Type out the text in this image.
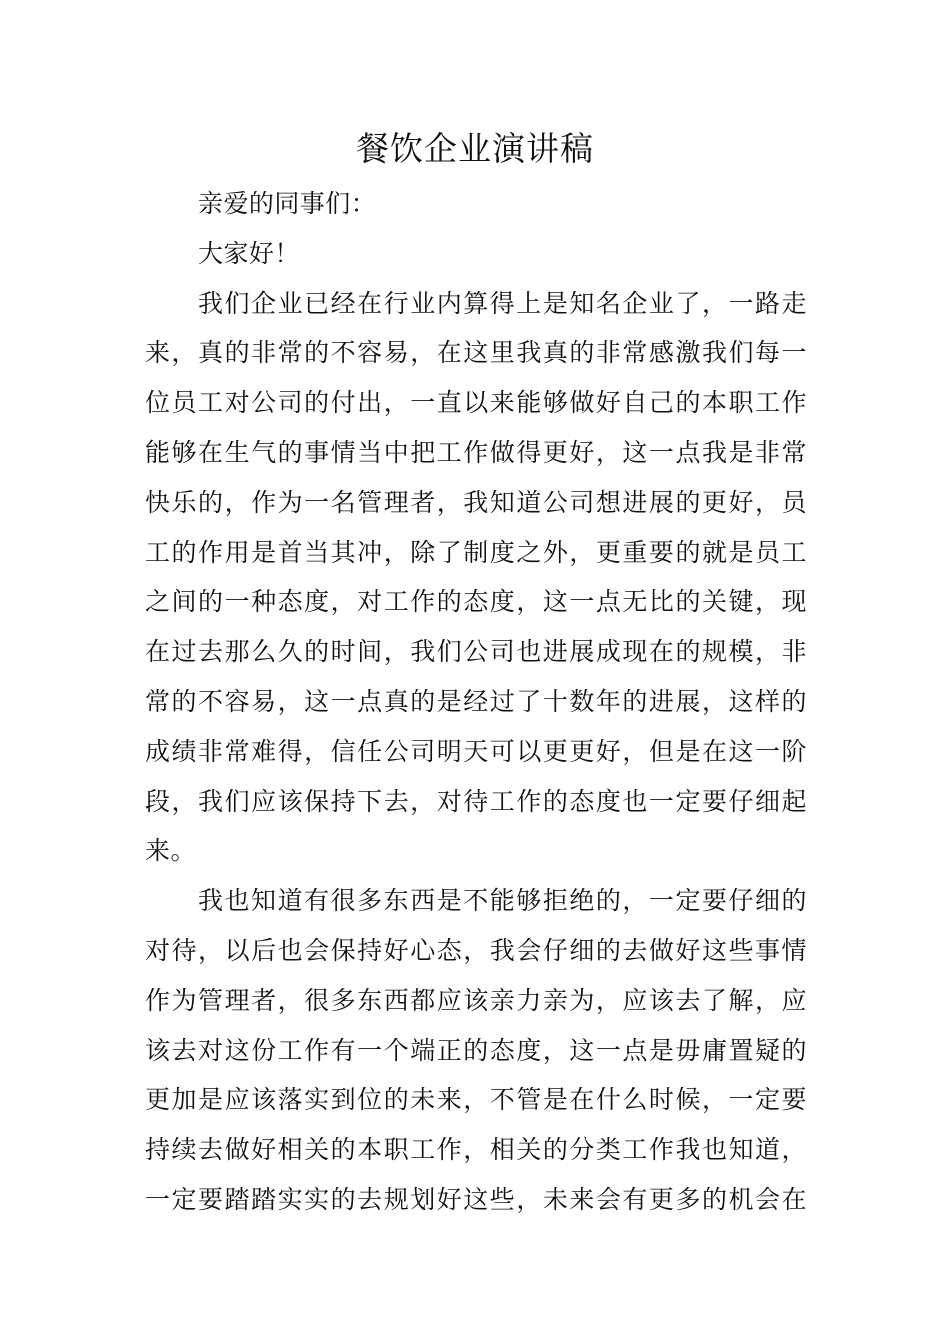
餐饮企业演讲稿
亲爱的同事们：
大家好！
我们企业已经在行业内算得上是知名企业了，一路走
来，真的非常的不容易，在这里我真的非常感激我们每一
位员工对公司的付出，一直以来能够做好自己的本职工作
能够在生气的事情当中把工作做得更好，这一点我是非常
快乐的，作为一名管理者，我知道公司想进展的更好，员
工的作用是首当其冲，除了制度之外，更重要的就是员工
之间的一种态度，对工作的态度，这一点无比的关键，现
在过去那么久的时间，我们公司也进展成现在的规模，非
常的不容易，这一点真的是经过了十数年的进展，这样的
成绩非常难得，信任公司明天可以更更好，但是在这一阶
段，我们应该保持下去，对待工作的态度也一定要仔细起
来。
我也知道有很多东西是不能够拒绝的，一定要仔细的
对待，以后也会保持好心态，我会仔细的去做好这些事情
作为管理者，很多东西都应该亲力亲为，应该去了解，应
该去对这份工作有一个端正的态度，这一点是毋庸置疑的
更加是应该落实到位的未来，不管是在什么时候，一定要
持续去做好相关的本职工作，相关的分类工作我也知道，
一定要踏踏实实的去规划好这些，未来会有更多的机会在
